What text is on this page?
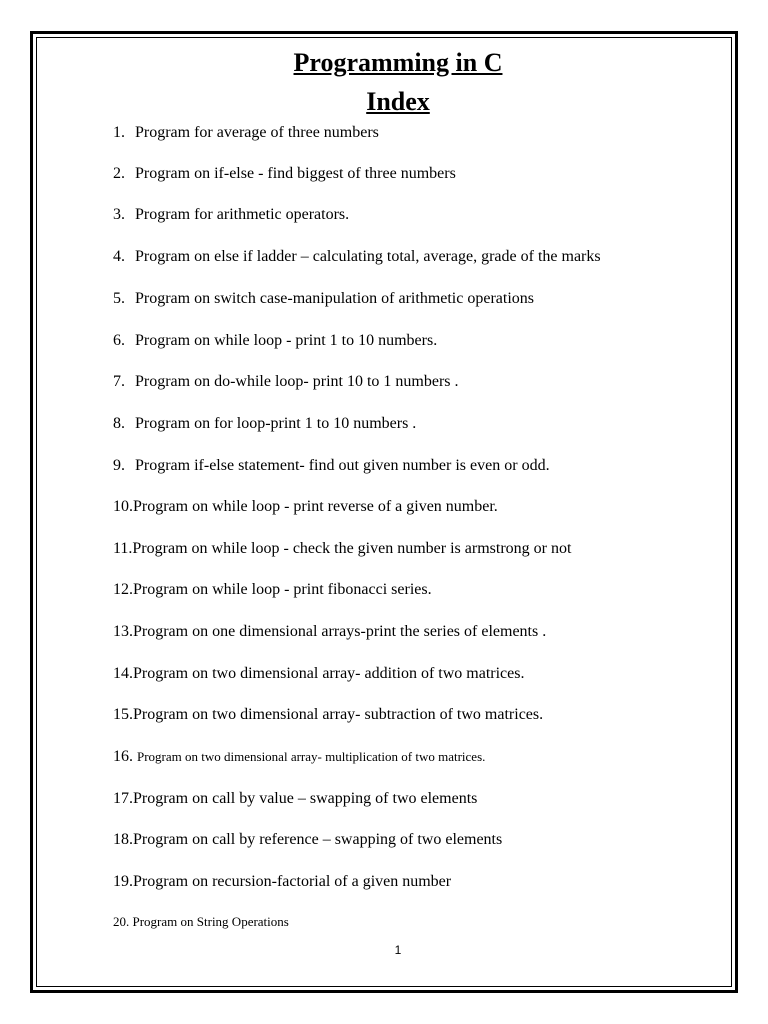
Programming in C
Index
1. Program for average of three numbers
2. Program on if-else - find biggest of three numbers
3. Program for arithmetic operators.
4. Program on else if ladder – calculating total, average, grade of the marks
5. Program on switch case-manipulation of arithmetic operations
6. Program on while loop - print 1 to 10 numbers.
7. Program on do-while loop- print 10 to 1 numbers .
8. Program on for loop-print 1 to 10 numbers .
9. Program if-else statement- find out given number is even or odd.
10.Program on while loop - print reverse of a given number.
11.Program on while loop - check the given number is armstrong or not
12.Program on while loop - print fibonacci series.
13.Program on one dimensional arrays-print the series of elements .
14.Program on two dimensional array- addition of two matrices.
15.Program on two dimensional array- subtraction of two matrices.
16. Program on two dimensional array- multiplication of two matrices.
17.Program on call by value – swapping of two elements
18.Program on call by reference – swapping of two elements
19.Program on recursion-factorial of a given number
20. Program on String Operations
1
